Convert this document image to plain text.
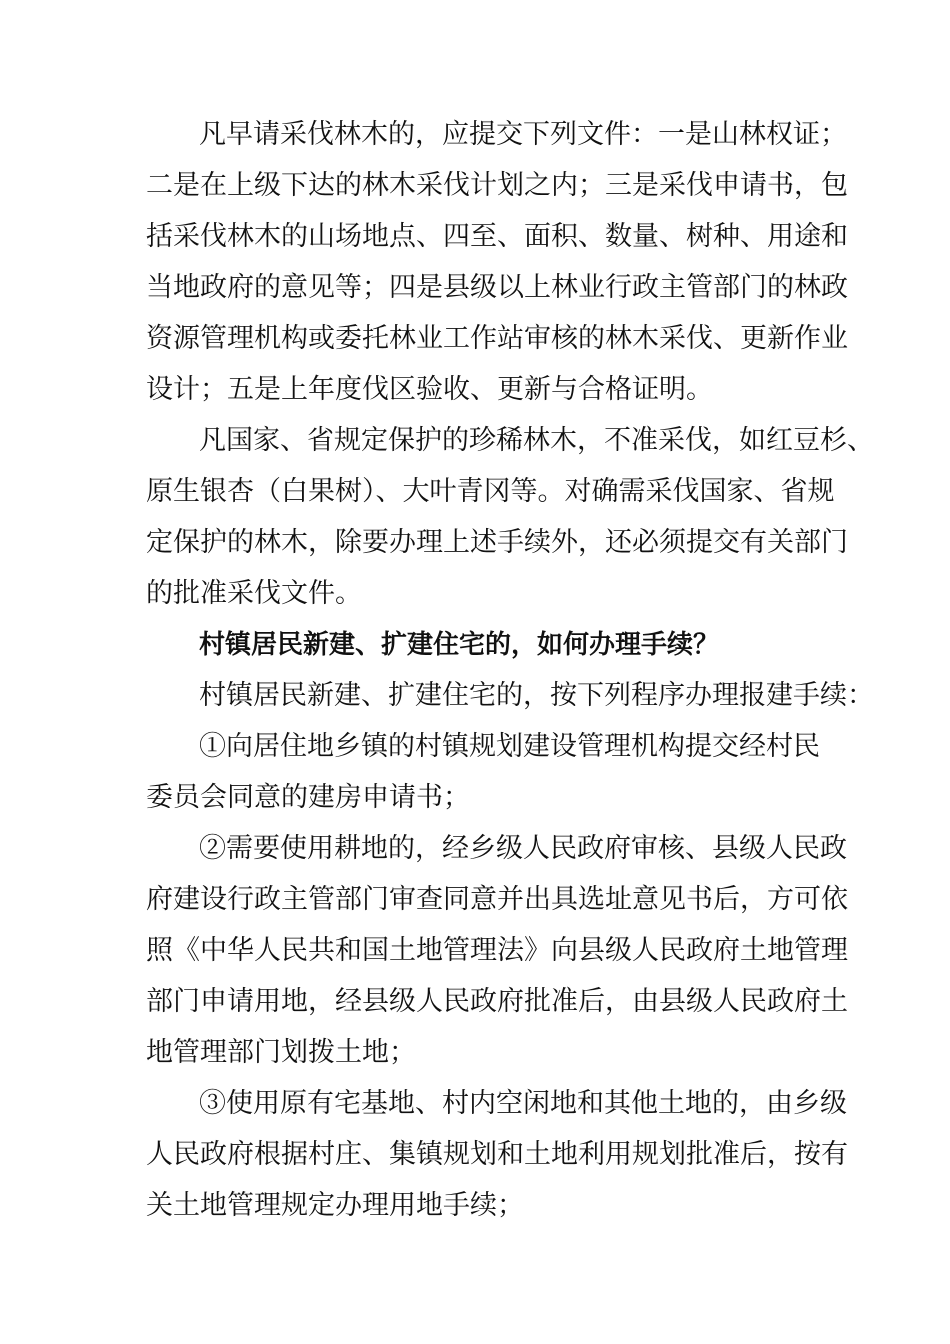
凡早请采伐林木的，应提交下列文件：一是山林权证；
二是在上级下达的林木采伐计划之内；三是采伐申请书，包
括采伐林木的山场地点、四至、面积、数量、树种、用途和
当地政府的意见等；四是县级以上林业行政主管部门的林政
资源管理机构或委托林业工作站审核的林木采伐、更新作业
设计；五是上年度伐区验收、更新与合格证明。
凡国家、省规定保护的珍稀林木，不准采伐，如红豆杉、
原生银杏（白果树）、大叶青冈等。对确需采伐国家、省规
定保护的林木，除要办理上述手续外，还必须提交有关部门
的批准采伐文件。
村镇居民新建、扩建住宅的，如何办理手续？
村镇居民新建、扩建住宅的，按下列程序办理报建手续：
①向居住地乡镇的村镇规划建设管理机构提交经村民
委员会同意的建房申请书；
②需要使用耕地的，经乡级人民政府审核、县级人民政
府建设行政主管部门审查同意并出具选址意见书后，方可依
照《中华人民共和国土地管理法》向县级人民政府土地管理
部门申请用地，经县级人民政府批准后，由县级人民政府土
地管理部门划拨土地；
③使用原有宅基地、村内空闲地和其他土地的，由乡级
人民政府根据村庄、集镇规划和土地利用规划批准后，按有
关土地管理规定办理用地手续；
